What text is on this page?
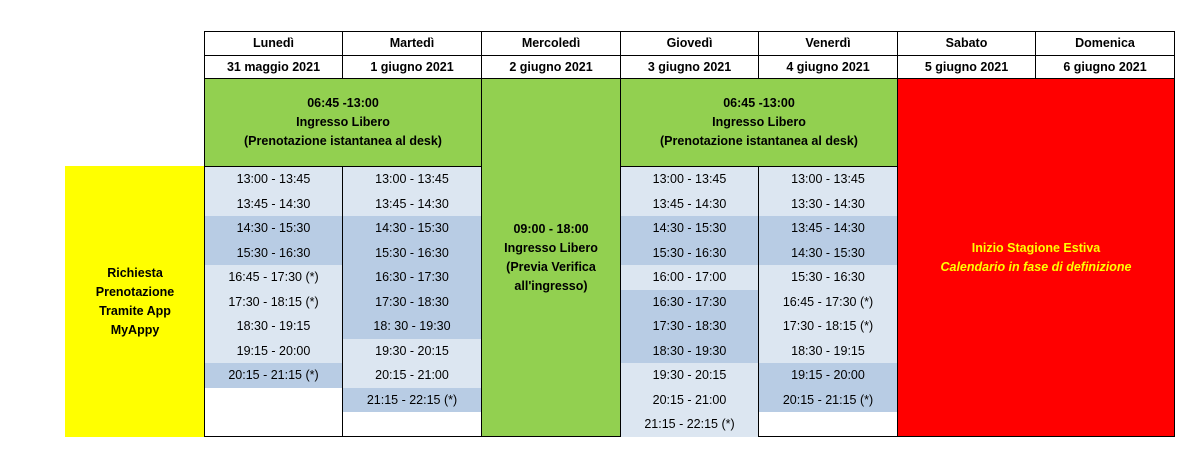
Lunedì
31 maggio 2021
Martedì
1 giugno 2021
Mercoledì
2 giugno 2021
Giovedì
3 giugno 2021
Venerdì
4 giugno 2021
Sabato
5 giugno 2021
Domenica
6 giugno 2021
06:45 -13:00
Ingresso Libero
(Prenotazione istantanea al desk)
06:45 -13:00
Ingresso Libero
(Prenotazione istantanea al desk)
09:00 - 18:00
Ingresso Libero
(Previa Verifica
all'ingresso)
Inizio Stagione Estiva
Calendario in fase di definizione
Richiesta
Prenotazione
Tramite App
MyAppy
13:00 - 13:45
13:45 - 14:30
14:30 - 15:30
15:30 - 16:30
16:45 - 17:30 (*)
17:30 - 18:15 (*)
18:30 - 19:15
19:15 - 20:00
20:15 - 21:15 (*)
13:00 - 13:45
13:45 - 14:30
14:30 - 15:30
15:30 - 16:30
16:30 - 17:30
17:30 - 18:30
18: 30 - 19:30
19:30 - 20:15
20:15 - 21:00
21:15 - 22:15 (*)
13:00 - 13:45
13:45 - 14:30
14:30 - 15:30
15:30 - 16:30
16:00 - 17:00
16:30 - 17:30
17:30 - 18:30
18:30 - 19:30
19:30 - 20:15
20:15 - 21:00
21:15 - 22:15 (*)
13:00 - 13:45
13:30 - 14:30
13:45 - 14:30
14:30 - 15:30
15:30 - 16:30
16:45 - 17:30 (*)
17:30 - 18:15 (*)
18:30 - 19:15
19:15 - 20:00
20:15 - 21:15 (*)
